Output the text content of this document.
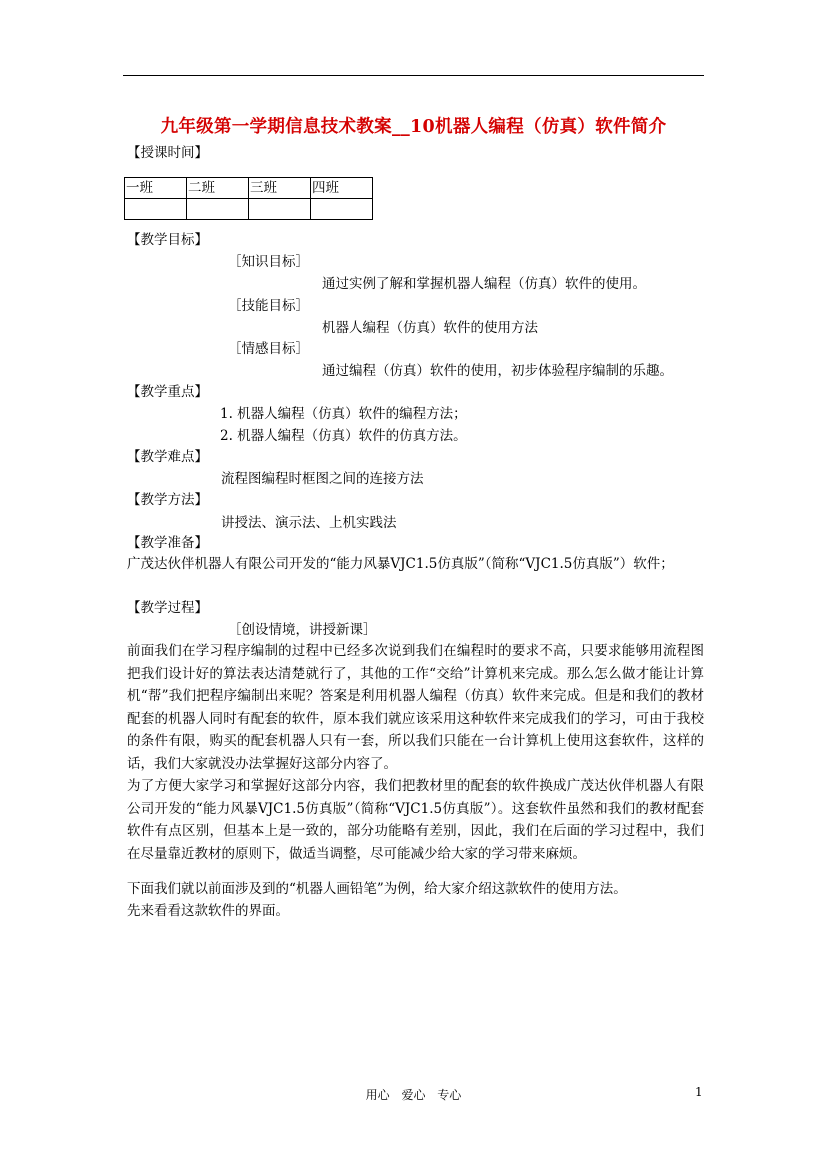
九年级第一学期信息技术教案__10机器人编程（仿真）软件简介
【授课时间】
一班	二班	三班	四班

【教学目标】
［知识目标］
通过实例了解和掌握机器人编程（仿真）软件的使用。
［技能目标］
机器人编程（仿真）软件的使用方法
［情感目标］
通过编程（仿真）软件的使用，初步体验程序编制的乐趣。
【教学重点】
1. 机器人编程（仿真）软件的编程方法；
2. 机器人编程（仿真）软件的仿真方法。
【教学难点】
流程图编程时框图之间的连接方法
【教学方法】
讲授法、演示法、上机实践法
【教学准备】
广茂达伙伴机器人有限公司开发的“能力风暴VJC1.5仿真版”（简称“VJC1.5仿真版”）软件；
【教学过程】
［创设情境，讲授新课］
前面我们在学习程序编制的过程中已经多次说到我们在编程时的要求不高，只要求能够用流程图把我们设计好的算法表达清楚就行了，其他的工作“交给”计算机来完成。那么怎么做才能让计算机“帮”我们把程序编制出来呢？答案是利用机器人编程（仿真）软件来完成。但是和我们的教材配套的机器人同时有配套的软件，原本我们就应该采用这种软件来完成我们的学习，可由于我校的条件有限，购买的配套机器人只有一套，所以我们只能在一台计算机上使用这套软件，这样的话，我们大家就没办法掌握好这部分内容了。
为了方便大家学习和掌握好这部分内容，我们把教材里的配套的软件换成广茂达伙伴机器人有限公司开发的“能力风暴VJC1.5仿真版”（简称“VJC1.5仿真版”）。这套软件虽然和我们的教材配套软件有点区别，但基本上是一致的，部分功能略有差别，因此，我们在后面的学习过程中，我们在尽量靠近教材的原则下，做适当调整，尽可能减少给大家的学习带来麻烦。
下面我们就以前面涉及到的“机器人画铅笔”为例，给大家介绍这款软件的使用方法。
先来看看这款软件的界面。
用心 爱心 专心	1
